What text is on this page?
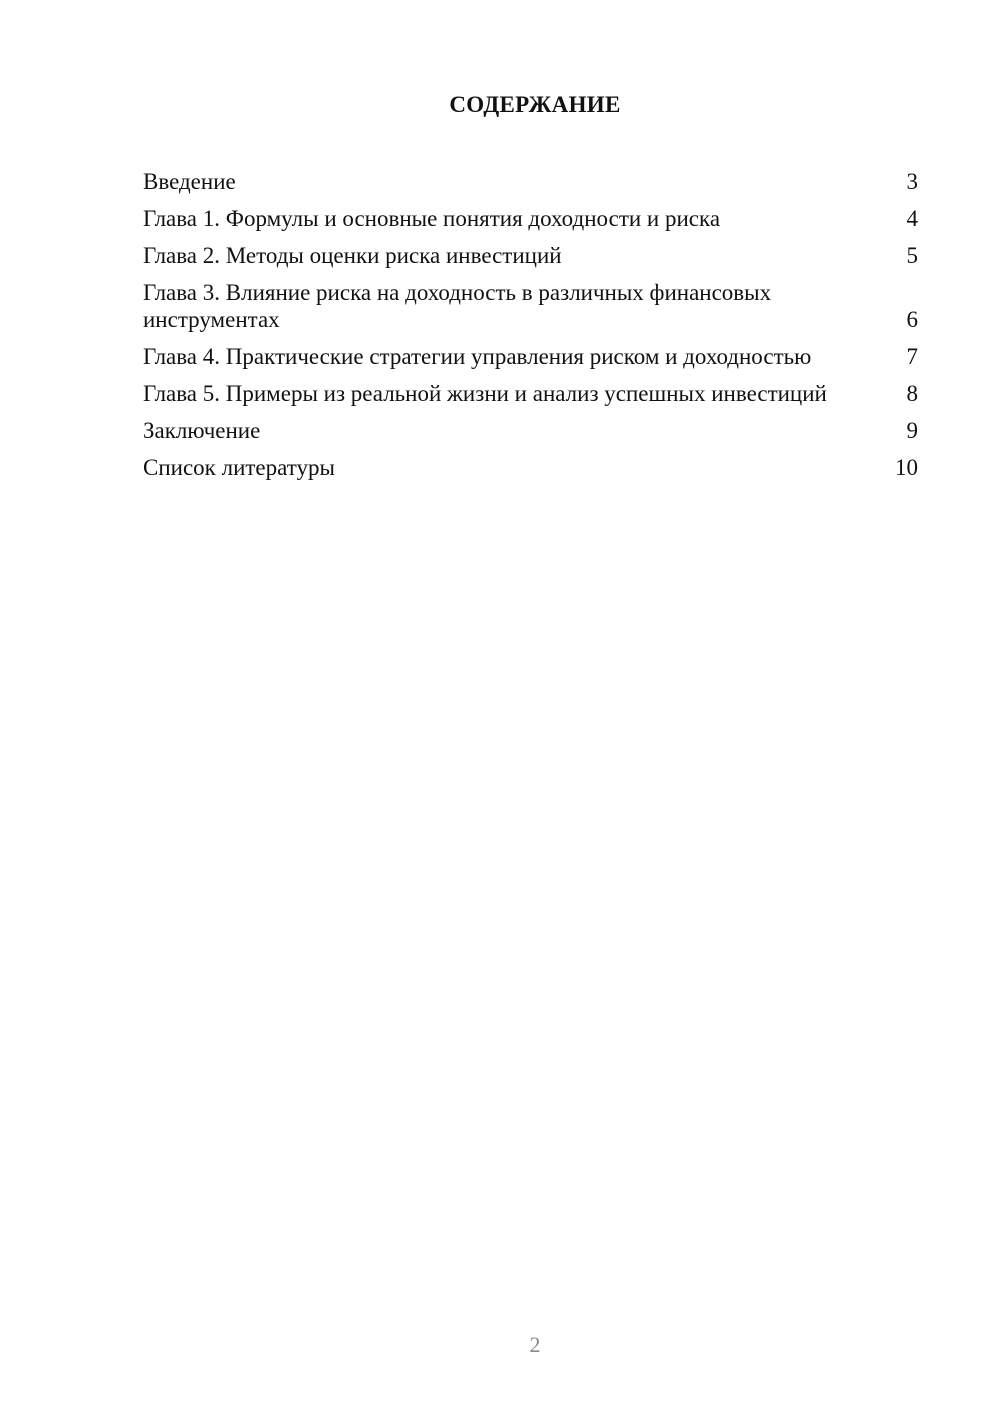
СОДЕРЖАНИЕ
Введение	3
Глава 1. Формулы и основные понятия доходности и риска	4
Глава 2. Методы оценки риска инвестиций	5
Глава 3. Влияние риска на доходность в различных финансовых инструментах	6
Глава 4. Практические стратегии управления риском и доходностью	7
Глава 5. Примеры из реальной жизни и анализ успешных инвестиций	8
Заключение	9
Список литературы	10
2
